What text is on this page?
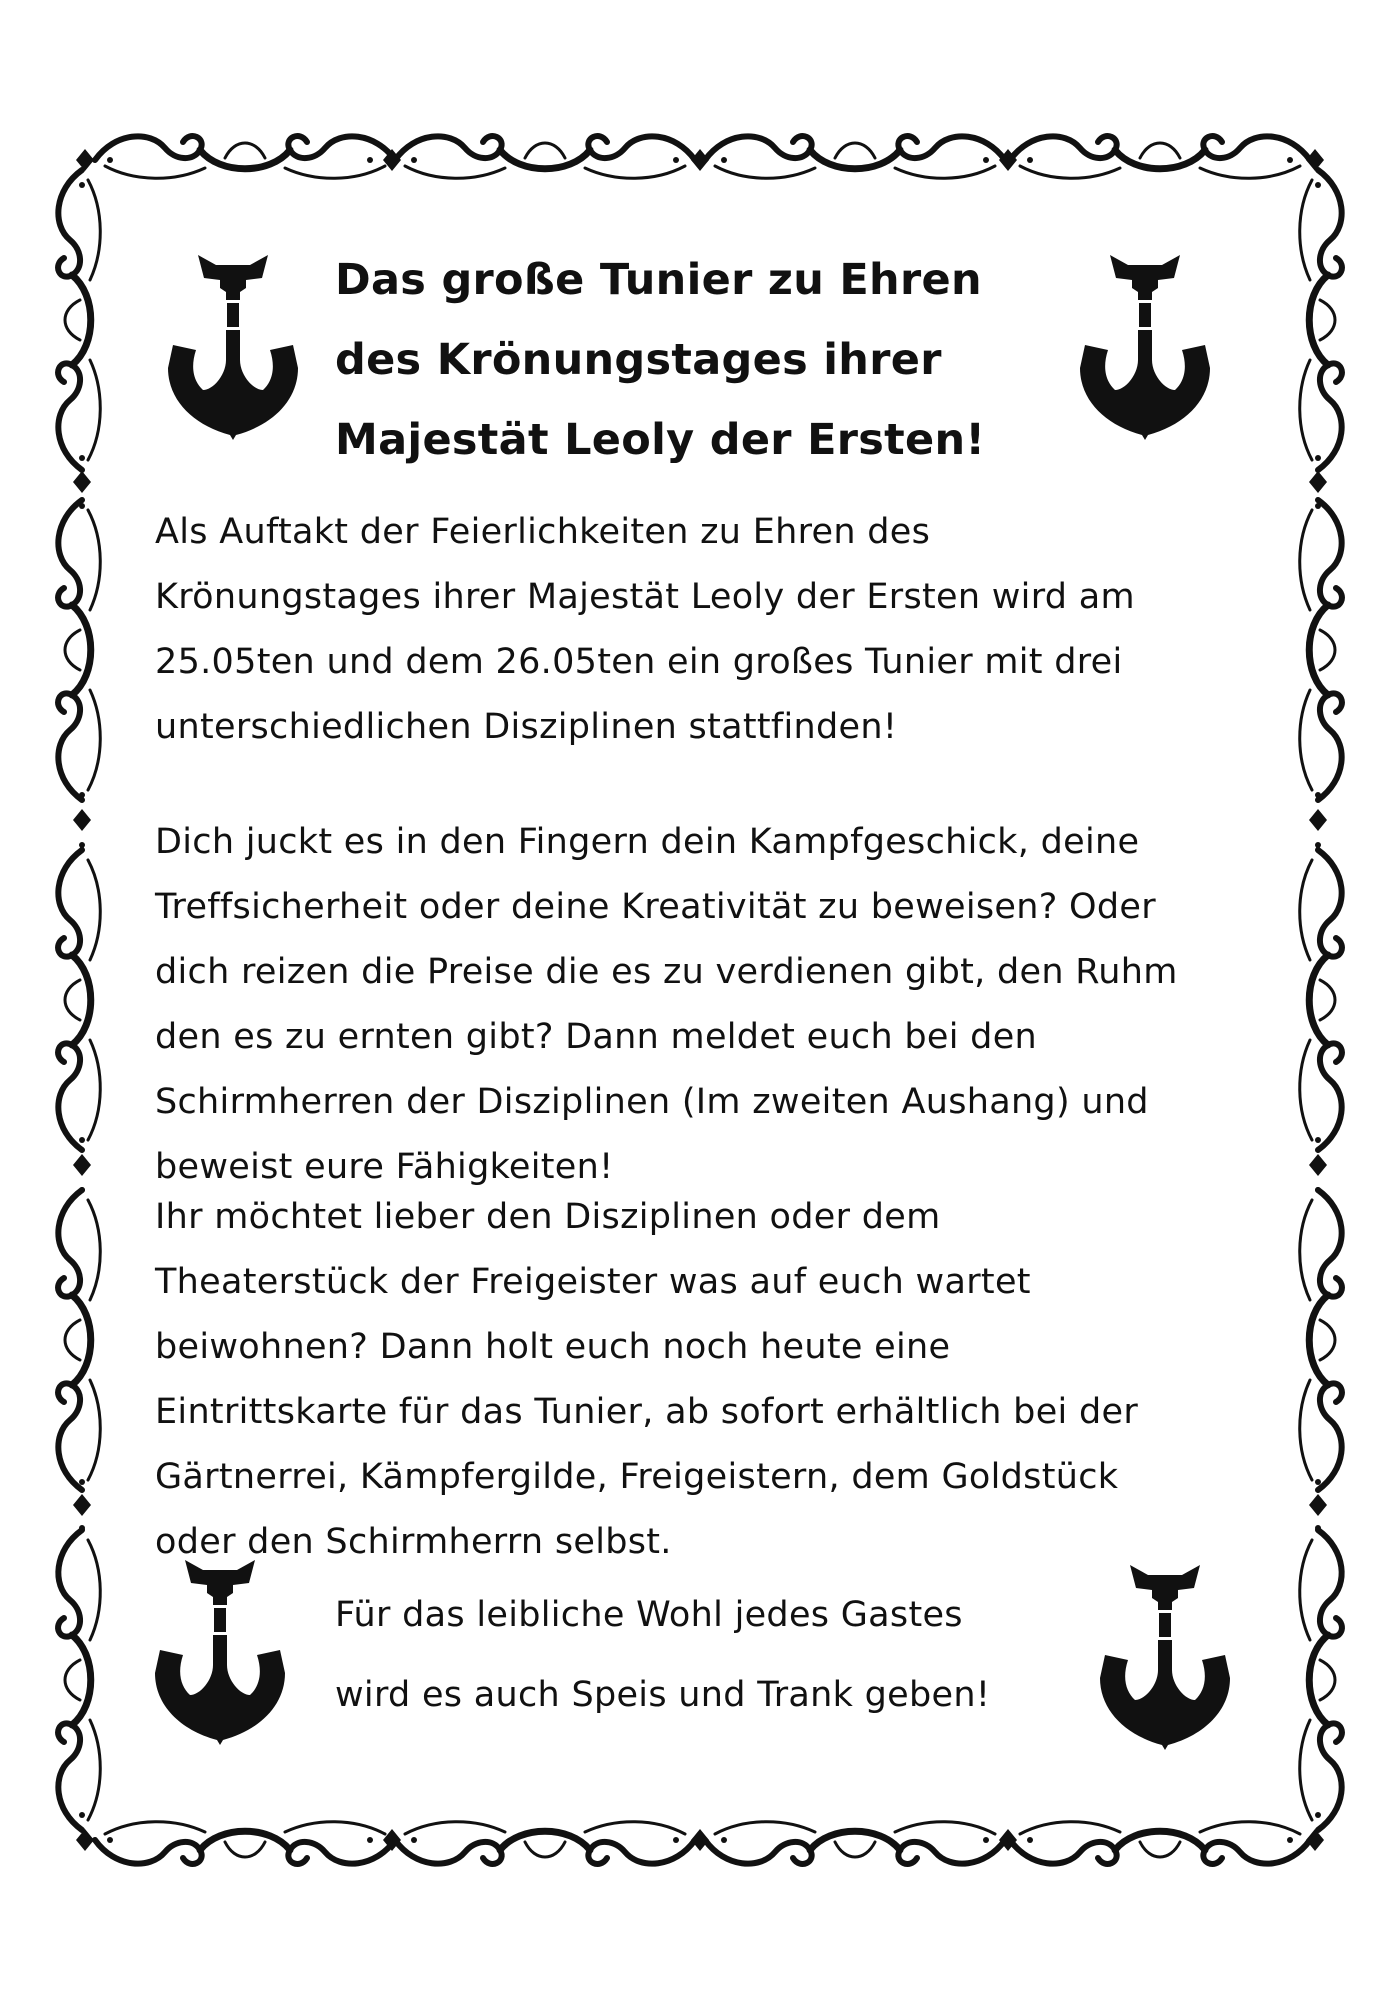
Das große Tunier zu Ehren
des Krönungstages ihrer
Majestät Leoly der Ersten!
Als Auftakt der Feierlichkeiten zu Ehren des
Krönungstages ihrer Majestät Leoly der Ersten wird am
25.05ten und dem 26.05ten ein großes Tunier mit drei
unterschiedlichen Disziplinen stattfinden!
Dich juckt es in den Fingern dein Kampfgeschick, deine
Treffsicherheit oder deine Kreativität zu beweisen? Oder
dich reizen die Preise die es zu verdienen gibt, den Ruhm
den es zu ernten gibt? Dann meldet euch bei den
Schirmherren der Disziplinen (Im zweiten Aushang) und
beweist eure Fähigkeiten!
Ihr möchtet lieber den Disziplinen oder dem
Theaterstück der Freigeister was auf euch wartet
beiwohnen? Dann holt euch noch heute eine
Eintrittskarte für das Tunier, ab sofort erhältlich bei der
Gärtnerrei, Kämpfergilde, Freigeistern, dem Goldstück
oder den Schirmherrn selbst.
Für das leibliche Wohl jedes Gastes
wird es auch Speis und Trank geben!
